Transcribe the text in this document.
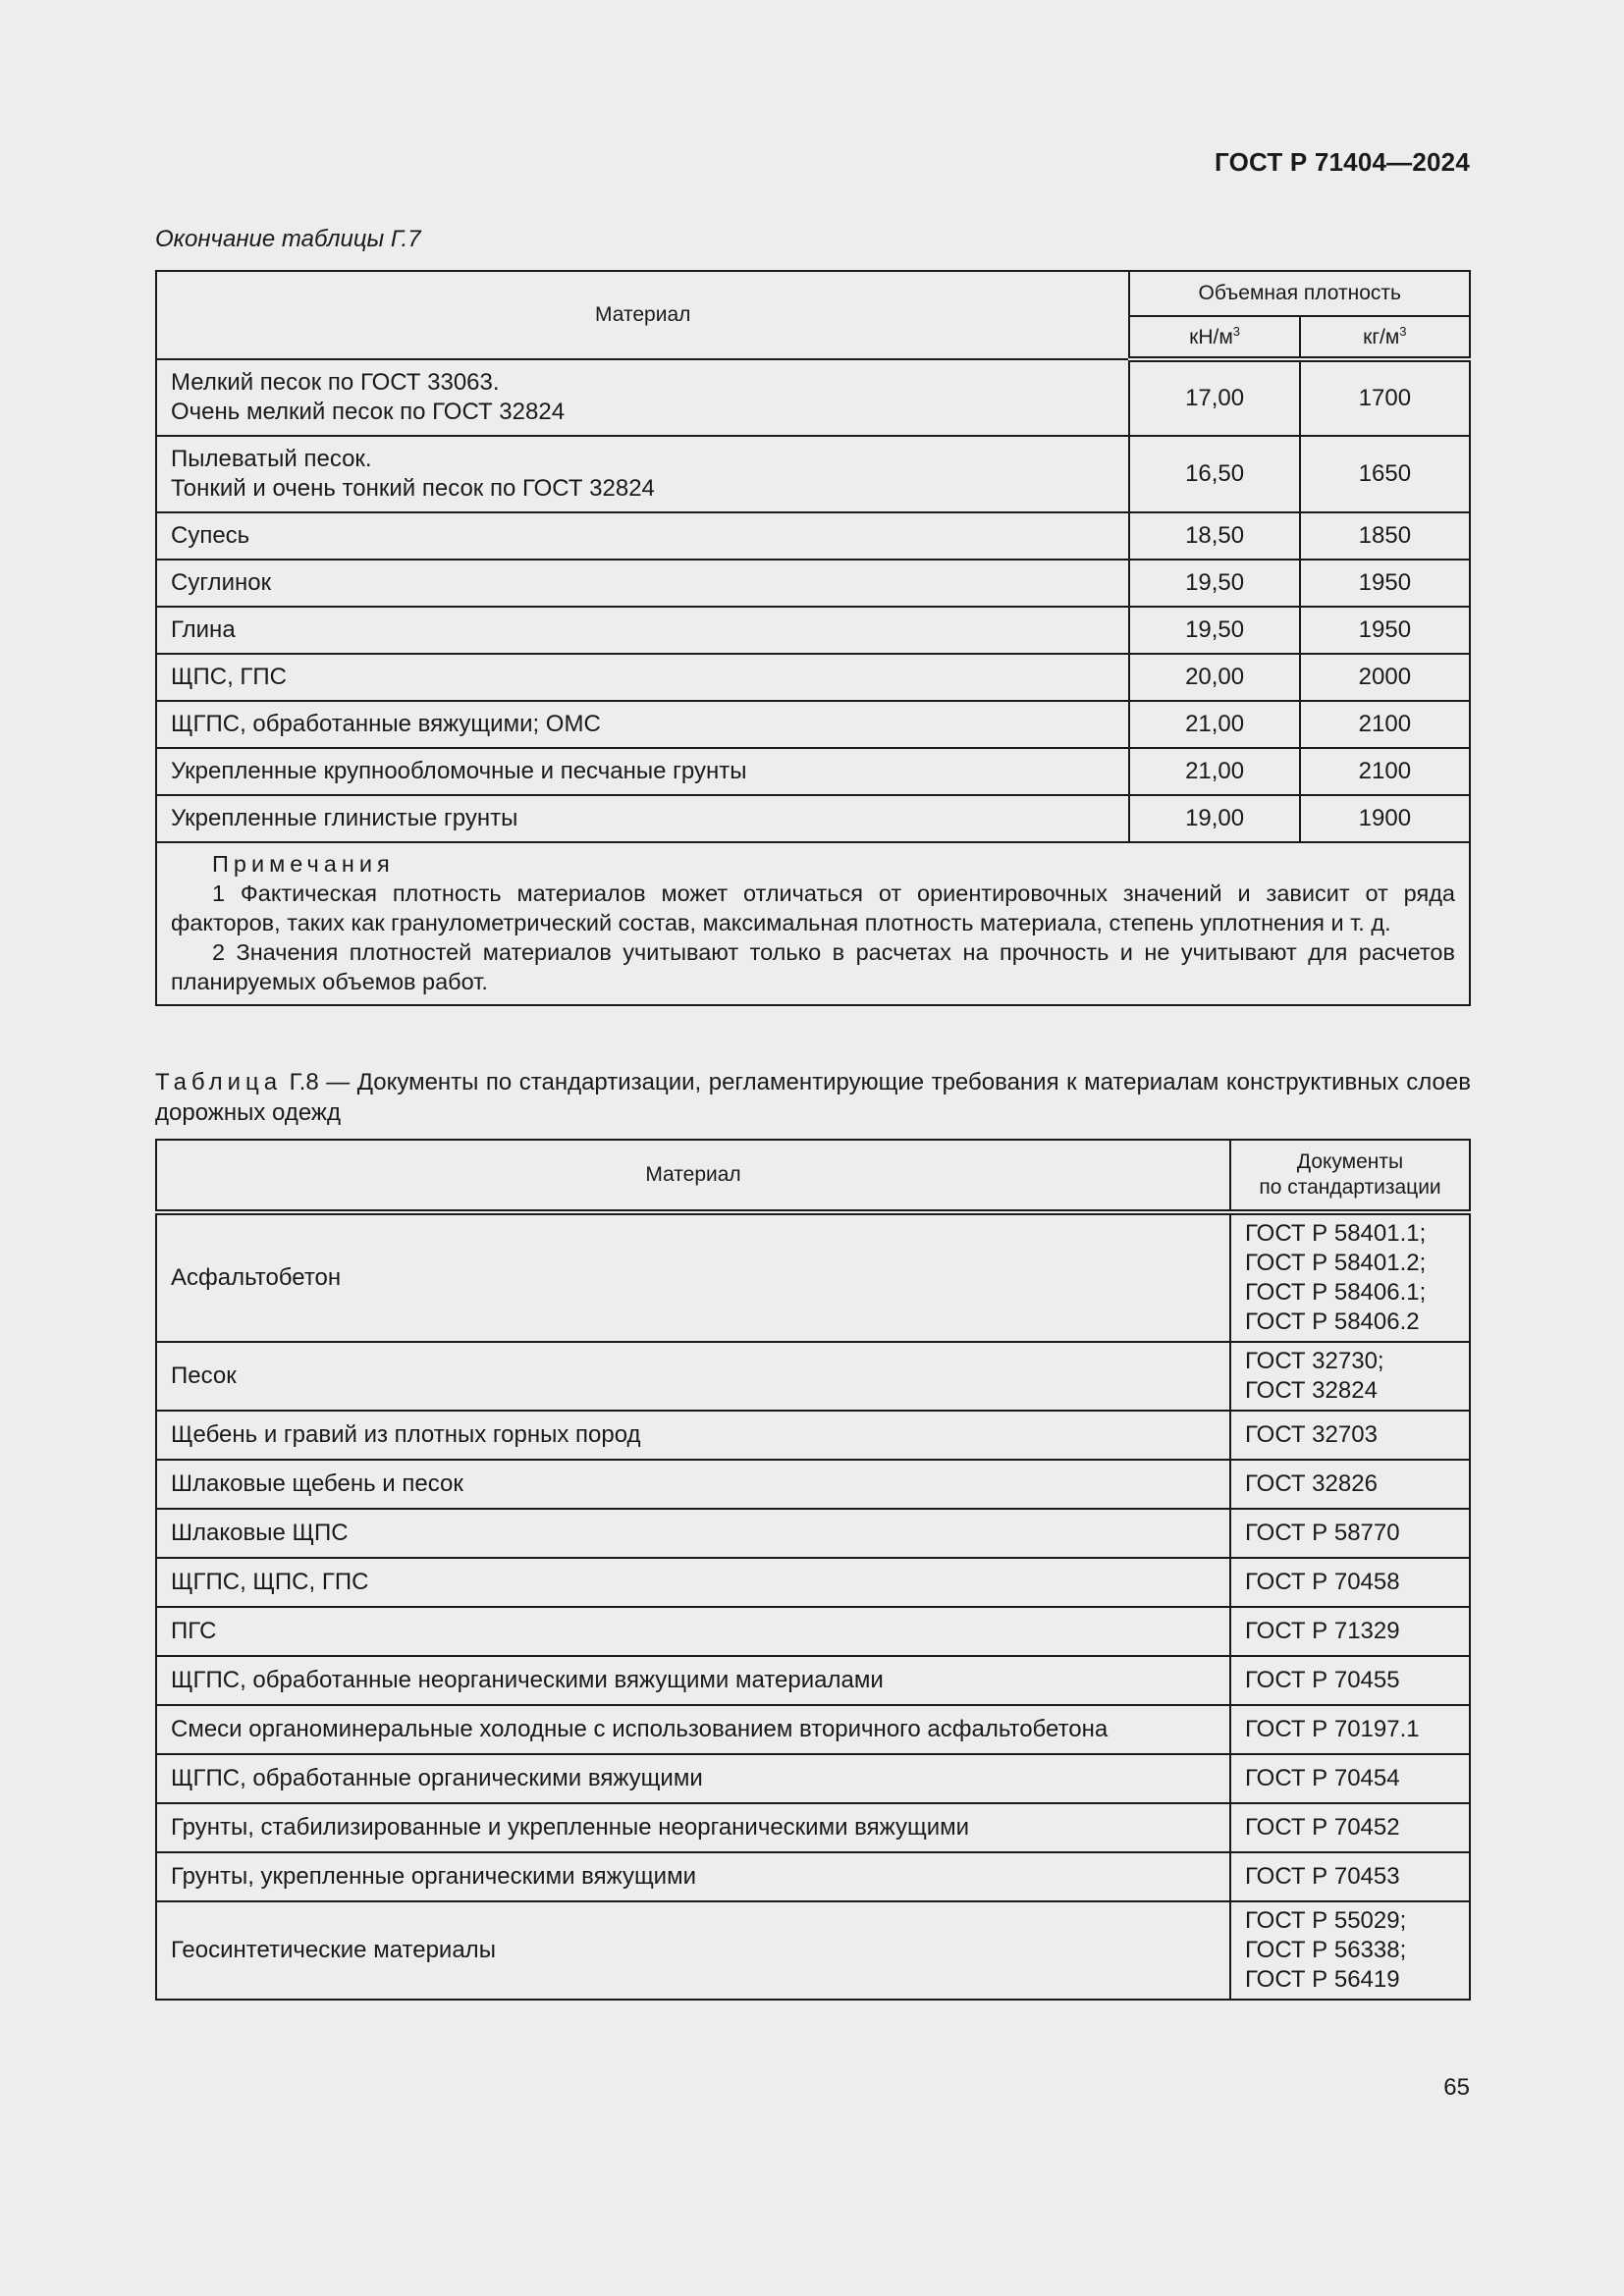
ГОСТ Р 71404—2024
Окончание таблицы Г.7
Материал	Объемная плотность	
	$кН/м^3$	$кг/м^3$

Мелкий песок по ГОСТ 33063.
Очень мелкий песок по ГОСТ 32824	17,00	1700

Пылеватый песок.
Тонкий и очень тонкий песок по ГОСТ 32824	16,50	1650
Супесь	18,50	1850
Суглинок	19,50	1950
Глина	19,50	1950
ЩПС, ГПС	20,00	2000
ЩГПС, обработанные вяжущими; ОМС	21,00	2100
Укрепленные крупнообломочные и песчаные грунты	21,00	2100
Укрепленные глинистые грунты	19,00	1900

Примечания

1 Фактическая плотность материалов может отличаться от ориентировочных значений и зависит от ряда факторов, таких как гранулометрический состав, максимальная плотность материала, степень уплотнения и т. д.

2 Значения плотностей материалов учитывают только в расчетах на прочность и не учитывают для расчетов планируемых объемов работ.		

Таблица Г.8 — Документы по стандартизации, регламентирующие требования к материалам конструктивных слоев дорожных одежд
Материал	Документы
по стандартизации

Асфальтобетон	ГОСТ Р 58401.1;
ГОСТ Р 58401.2;
ГОСТ Р 58406.1;
ГОСТ Р 58406.2

Песок	ГОСТ 32730;
ГОСТ 32824

Щебень и гравий из плотных горных пород	ГОСТ 32703
Шлаковые щебень и песок	ГОСТ 32826
Шлаковые ЩПС	ГОСТ Р 58770
ЩГПС, ЩПС, ГПС	ГОСТ Р 70458
ПГС	ГОСТ Р 71329
ЩГПС, обработанные неорганическими вяжущими материалами	ГОСТ Р 70455
Смеси органоминеральные холодные с использованием вторичного асфальтобетона	ГОСТ Р 70197.1
ЩГПС, обработанные органическими вяжущими	ГОСТ Р 70454
Грунты, стабилизированные и укрепленные неорганическими вяжущими	ГОСТ Р 70452
Грунты, укрепленные органическими вяжущими	ГОСТ Р 70453
Геосинтетические материалы	ГОСТ Р 55029;
ГОСТ Р 56338;
ГОСТ Р 56419
65
